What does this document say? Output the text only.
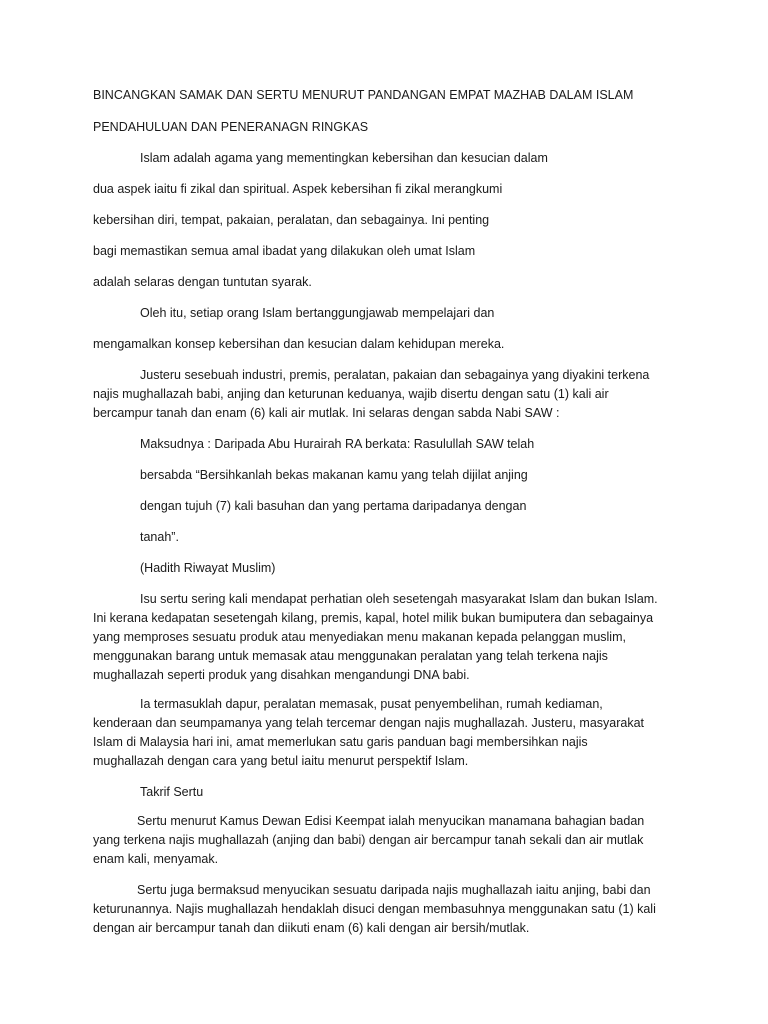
BINCANGKAN SAMAK DAN SERTU MENURUT PANDANGAN EMPAT MAZHAB DALAM ISLAM
PENDAHULUAN DAN PENERANAGN RINGKAS
Islam adalah agama yang mementingkan kebersihan dan kesucian dalam
dua aspek iaitu fi zikal dan spiritual. Aspek kebersihan fi zikal merangkumi
kebersihan diri, tempat, pakaian, peralatan, dan sebagainya. Ini penting
bagi memastikan semua amal ibadat yang dilakukan oleh umat Islam
adalah selaras dengan tuntutan syarak.
Oleh itu, setiap orang Islam bertanggungjawab mempelajari dan
mengamalkan konsep kebersihan dan kesucian dalam kehidupan mereka.
Justeru sesebuah industri, premis, peralatan, pakaian dan sebagainya yang diyakini terkena
najis mughallazah babi, anjing dan keturunan keduanya, wajib disertu dengan satu (1) kali air
bercampur tanah dan enam (6) kali air mutlak. Ini selaras dengan sabda Nabi SAW :
Maksudnya : Daripada Abu Hurairah RA berkata: Rasulullah SAW telah
bersabda “Bersihkanlah bekas makanan kamu yang telah dijilat anjing
dengan tujuh (7) kali basuhan dan yang pertama daripadanya dengan
tanah”.
(Hadith Riwayat Muslim)
Isu sertu sering kali mendapat perhatian oleh sesetengah masyarakat Islam dan bukan Islam.
Ini kerana kedapatan sesetengah kilang, premis, kapal, hotel milik bukan bumiputera dan sebagainya
yang memproses sesuatu produk atau menyediakan menu makanan kepada pelanggan muslim,
menggunakan barang untuk memasak atau menggunakan peralatan yang telah terkena najis
mughallazah seperti produk yang disahkan mengandungi DNA babi.
Ia termasuklah dapur, peralatan memasak, pusat penyembelihan, rumah kediaman,
kenderaan dan seumpamanya yang telah tercemar dengan najis mughallazah. Justeru, masyarakat
Islam di Malaysia hari ini, amat memerlukan satu garis panduan bagi membersihkan najis
mughallazah dengan cara yang betul iaitu menurut perspektif Islam.
Takrif Sertu
Sertu menurut Kamus Dewan Edisi Keempat ialah menyucikan manamana bahagian badan
yang terkena najis mughallazah (anjing dan babi) dengan air bercampur tanah sekali dan air mutlak
enam kali, menyamak.
Sertu juga bermaksud menyucikan sesuatu daripada najis mughallazah iaitu anjing, babi dan
keturunannya. Najis mughallazah hendaklah disuci dengan membasuhnya menggunakan satu (1) kali
dengan air bercampur tanah dan diikuti enam (6) kali dengan air bersih/mutlak.
